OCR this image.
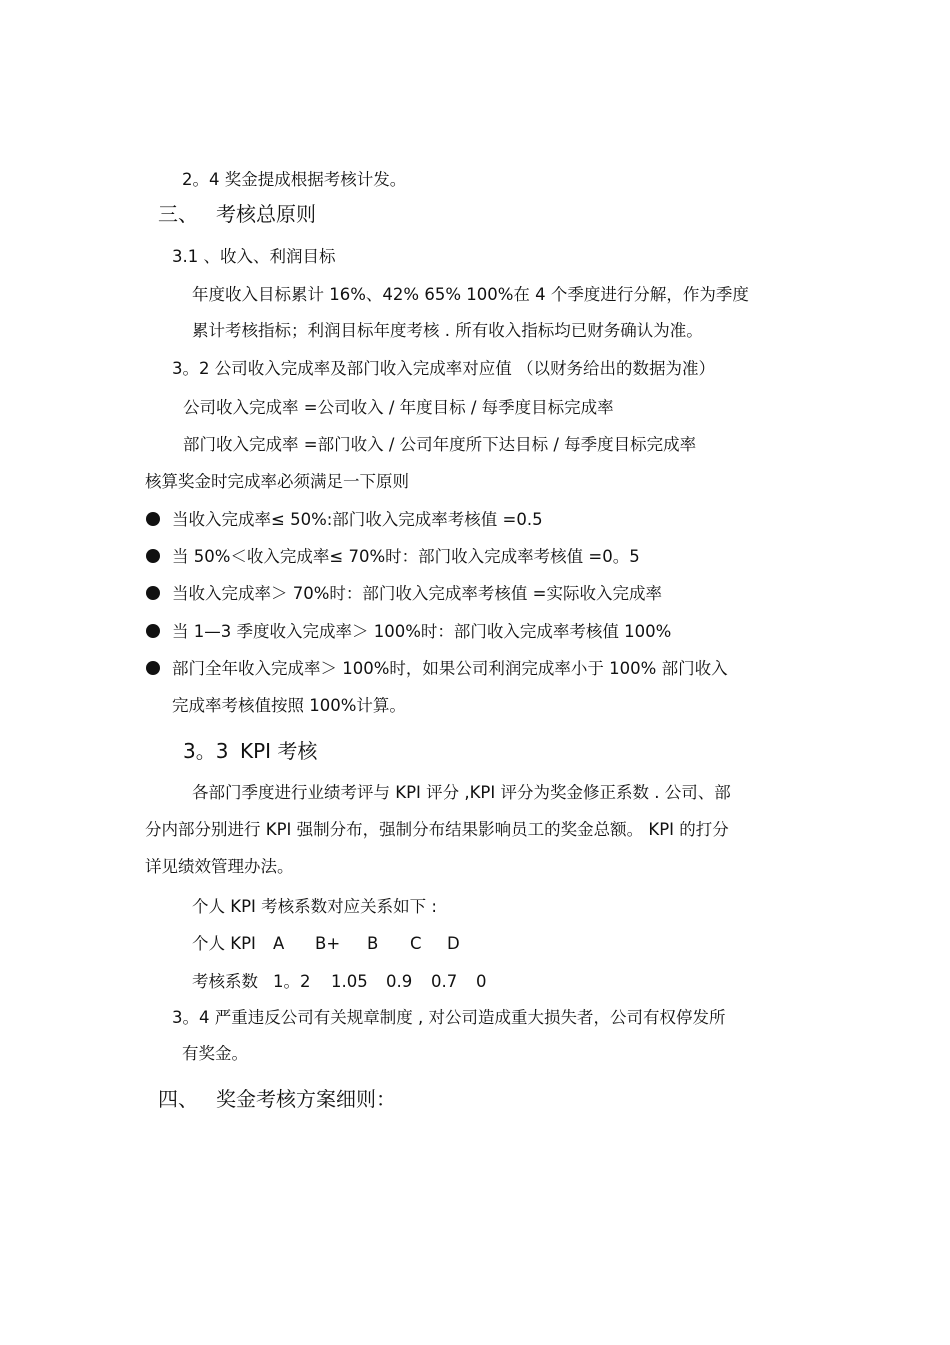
2。4 奖金提成根据考核计发。
三、 考核总原则
3.1 、收入、利润目标
年度收入目标累计 16%、42% 65% 100%在 4 个季度进行分解，作为季度
累计考核指标；利润目标年度考核 . 所有收入指标均已财务确认为准。
3。2 公司收入完成率及部门收入完成率对应值 （以财务给出的数据为准）
公司收入完成率 =公司收入 / 年度目标 / 每季度目标完成率
部门收入完成率 =部门收入 / 公司年度所下达目标 / 每季度目标完成率
核算奖金时完成率必须满足一下原则
当收入完成率≤ 50%:部门收入完成率考核值 =0.5
当 50%＜收入完成率≤ 70%时：部门收入完成率考核值 =0。5
当收入完成率＞ 70%时：部门收入完成率考核值 =实际收入完成率
当 1—3 季度收入完成率＞ 100%时：部门收入完成率考核值 100%
部门全年收入完成率＞ 100%时，如果公司利润完成率小于 100% 部门收入
完成率考核值按照 100%计算。
3。3 KPI 考核
各部门季度进行业绩考评与 KPI 评分 ,KPI 评分为奖金修正系数 . 公司、部
分内部分别进行 KPI 强制分布，强制分布结果影响员工的奖金总额。 KPI 的打分
详见绩效管理办法。
个人 KPI 考核系数对应关系如下 :
个人 KPI A B+ B C D
考核系数 1。2 1.05 0.9 0.7 0
3。4 严重违反公司有关规章制度 , 对公司造成重大损失者，公司有权停发所
有奖金。
四、 奖金考核方案细则：
